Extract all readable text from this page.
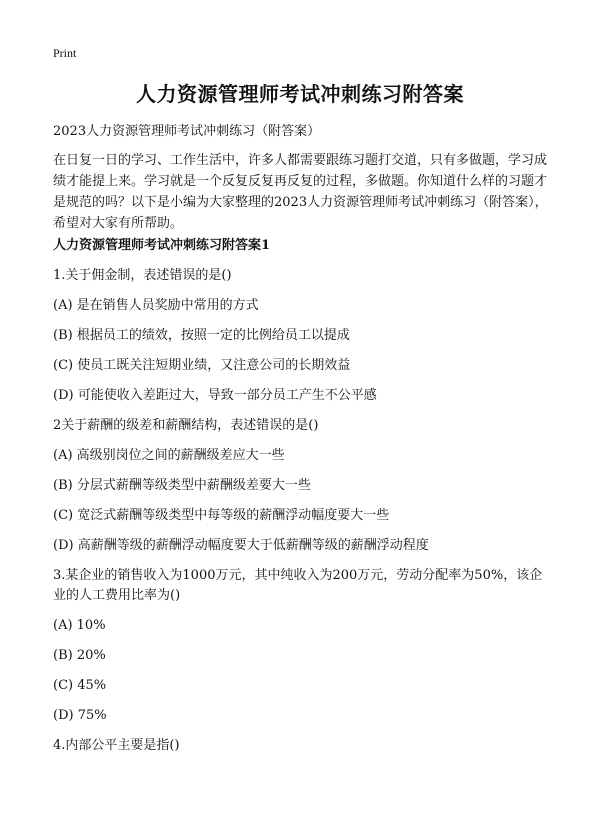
Print
人力资源管理师考试冲刺练习附答案

2023人力资源管理师考试冲刺练习（附答案）

在日复一日的学习、工作生活中，许多人都需要跟练习题打交道，只有多做题，学习成绩才能提上来。学习就是一个反复反复再反复的过程，多做题。你知道什么样的习题才是规范的吗？以下是小编为大家整理的2023人力资源管理师考试冲刺练习（附答案），希望对大家有所帮助。

人力资源管理师考试冲刺练习附答案1

1.关于佣金制，表述错误的是()

(A) 是在销售人员奖励中常用的方式

(B) 根据员工的绩效，按照一定的比例给员工以提成

(C) 使员工既关注短期业绩，又注意公司的长期效益

(D) 可能使收入差距过大，导致一部分员工产生不公平感

2关于薪酬的级差和薪酬结构，表述错误的是()

(A) 高级别岗位之间的薪酬级差应大一些

(B) 分层式薪酬等级类型中薪酬级差要大一些

(C) 宽泛式薪酬等级类型中每等级的薪酬浮动幅度要大一些

(D) 高薪酬等级的薪酬浮动幅度要大于低薪酬等级的薪酬浮动程度

3.某企业的销售收入为1000万元，其中纯收入为200万元，劳动分配率为50%，该企业的人工费用比率为()

(A) 10%

(B) 20%

(C) 45%

(D) 75%

4.内部公平主要是指()
